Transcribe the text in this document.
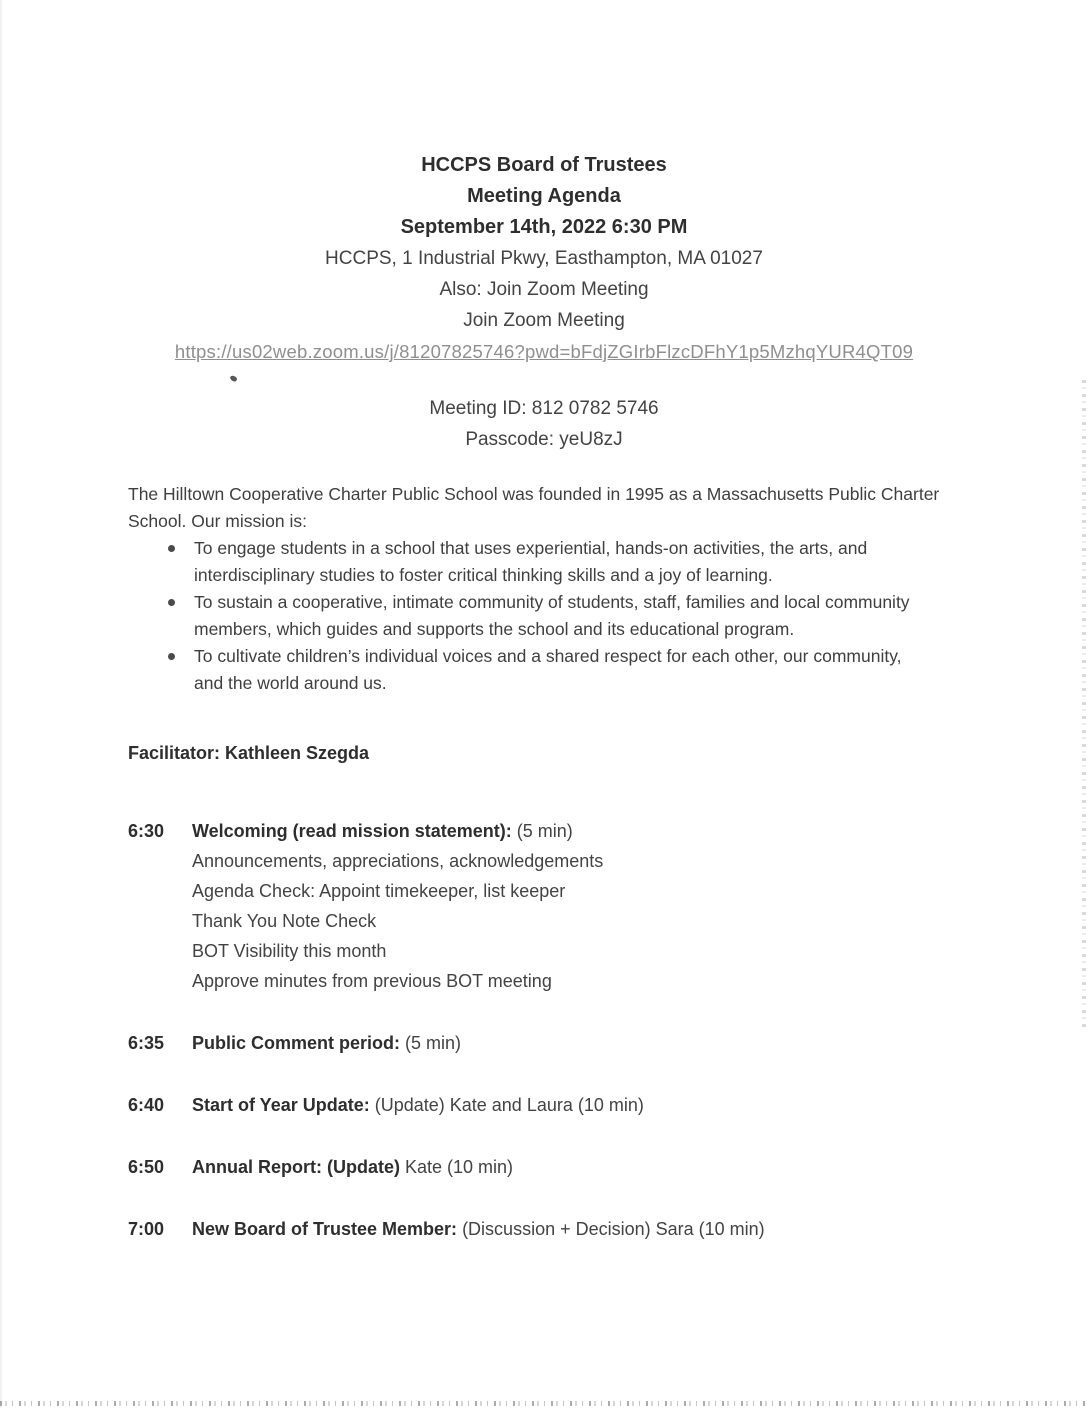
HCCPS Board of Trustees
Meeting Agenda
September 14th, 2022 6:30 PM
HCCPS, 1 Industrial Pkwy, Easthampton, MA 01027
Also: Join Zoom Meeting
Join Zoom Meeting
https://us02web.zoom.us/j/81207825746?pwd=bFdjZGIrbFlzcDFhY1p5MzhqYUR4QT09
Meeting ID: 812 0782 5746
Passcode: yeU8zJ

The Hilltown Cooperative Charter Public School was founded in 1995 as a Massachusetts Public Charter School. Our mission is:

To engage students in a school that uses experiential, hands-on activities, the arts, and interdisciplinary studies to foster critical thinking skills and a joy of learning.
To sustain a cooperative, intimate community of students, staff, families and local community members, which guides and supports the school and its educational program.
To cultivate children’s individual voices and a shared respect for each other, our community, and the world around us.
Facilitator: Kathleen Szegda
6:30	Welcoming (read mission statement): (5 min)
Announcements, appreciations, acknowledgements
Agenda Check: Appoint timekeeper, list keeper
Thank You Note Check
BOT Visibility this month
Approve minutes from previous BOT meeting
6:35	Public Comment period: (5 min)
6:40	Start of Year Update: (Update) Kate and Laura (10 min)
6:50	Annual Report: (Update) Kate (10 min)
7:00	New Board of Trustee Member: (Discussion + Decision) Sara (10 min)
